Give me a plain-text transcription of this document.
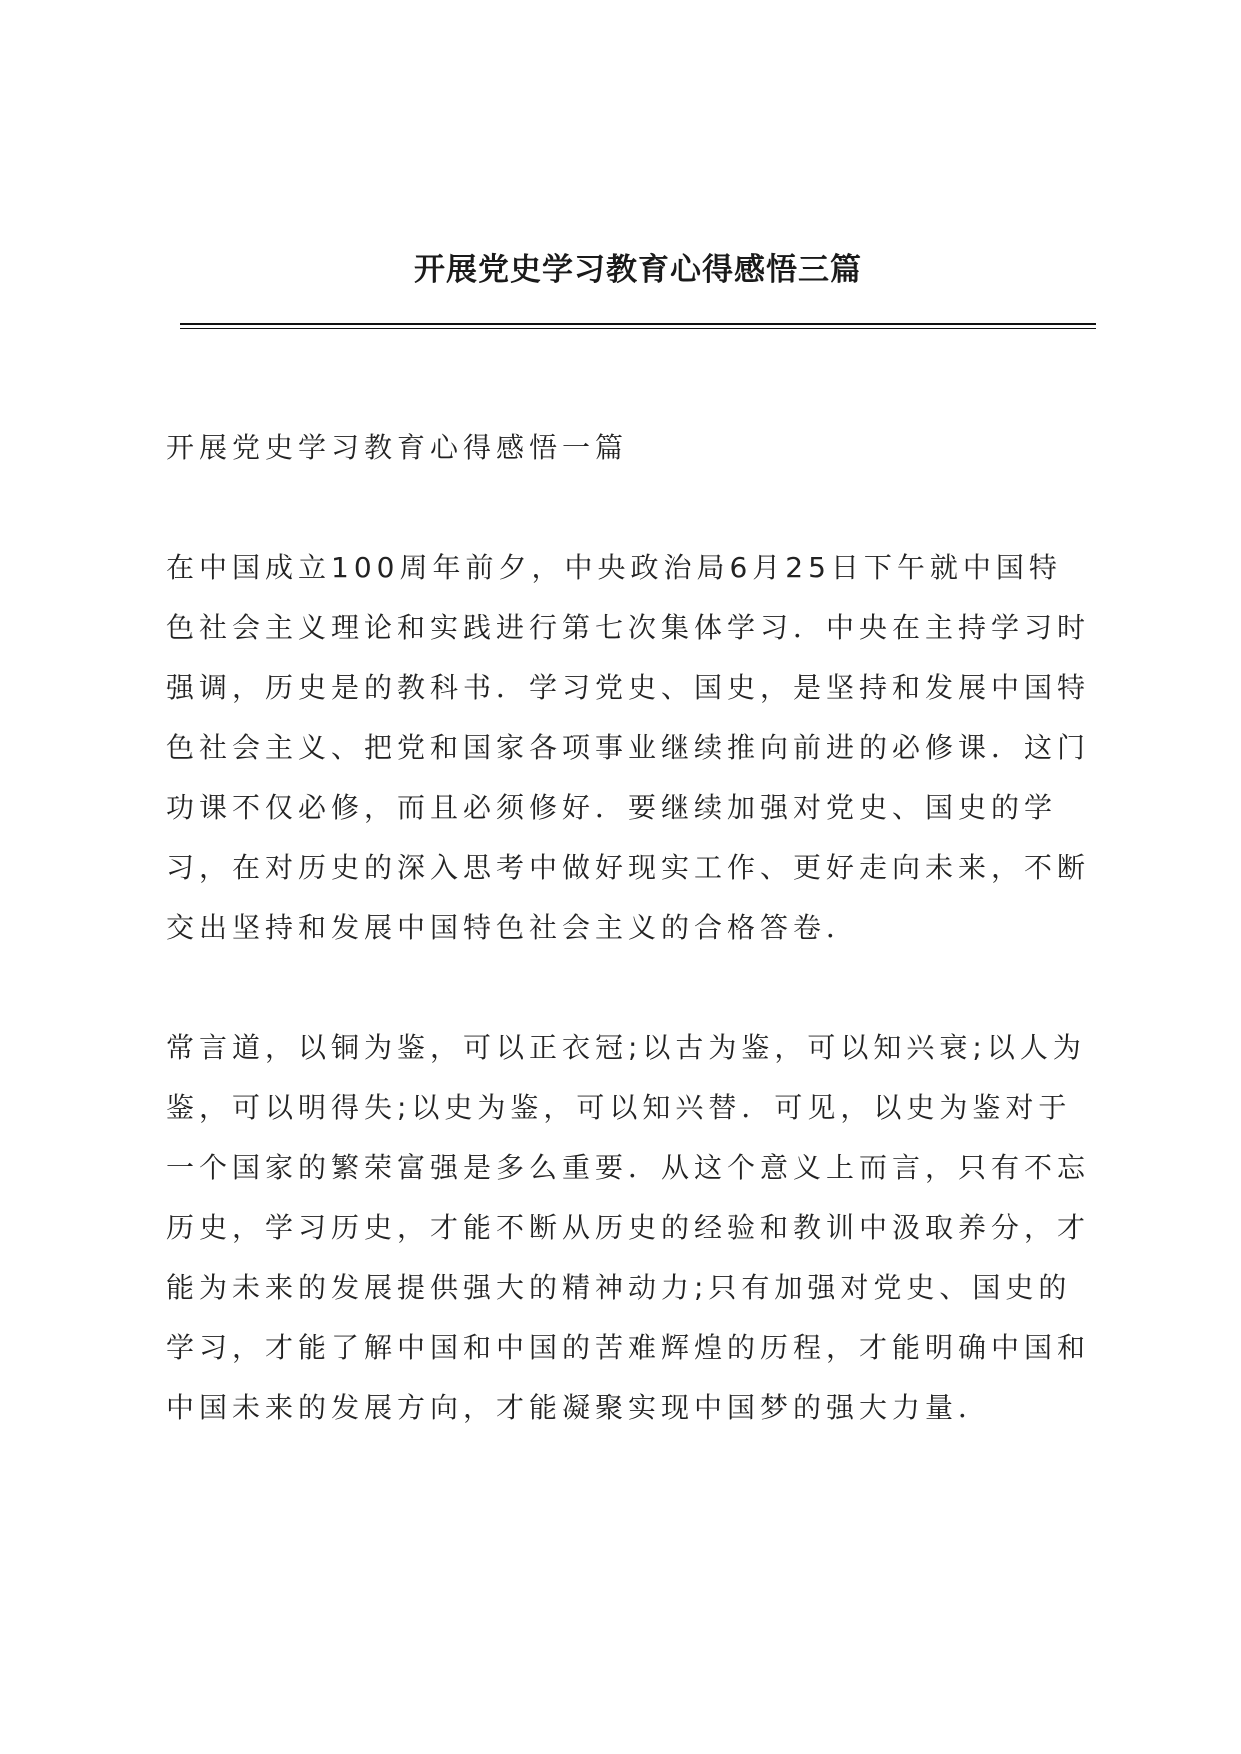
开展党史学习教育心得感悟三篇
开展党史学习教育心得感悟一篇
在中国成立100周年前夕，中央政治局6月25日下午就中国特
色社会主义理论和实践进行第七次集体学习．中央在主持学习时
强调，历史是的教科书．学习党史、国史，是坚持和发展中国特
色社会主义、把党和国家各项事业继续推向前进的必修课．这门
功课不仅必修，而且必须修好．要继续加强对党史、国史的学
习，在对历史的深入思考中做好现实工作、更好走向未来，不断
交出坚持和发展中国特色社会主义的合格答卷．
常言道，以铜为鉴，可以正衣冠;以古为鉴，可以知兴衰;以人为
鉴，可以明得失;以史为鉴，可以知兴替．可见，以史为鉴对于
一个国家的繁荣富强是多么重要．从这个意义上而言，只有不忘
历史，学习历史，才能不断从历史的经验和教训中汲取养分，才
能为未来的发展提供强大的精神动力;只有加强对党史、国史的
学习，才能了解中国和中国的苦难辉煌的历程，才能明确中国和
中国未来的发展方向，才能凝聚实现中国梦的强大力量．
